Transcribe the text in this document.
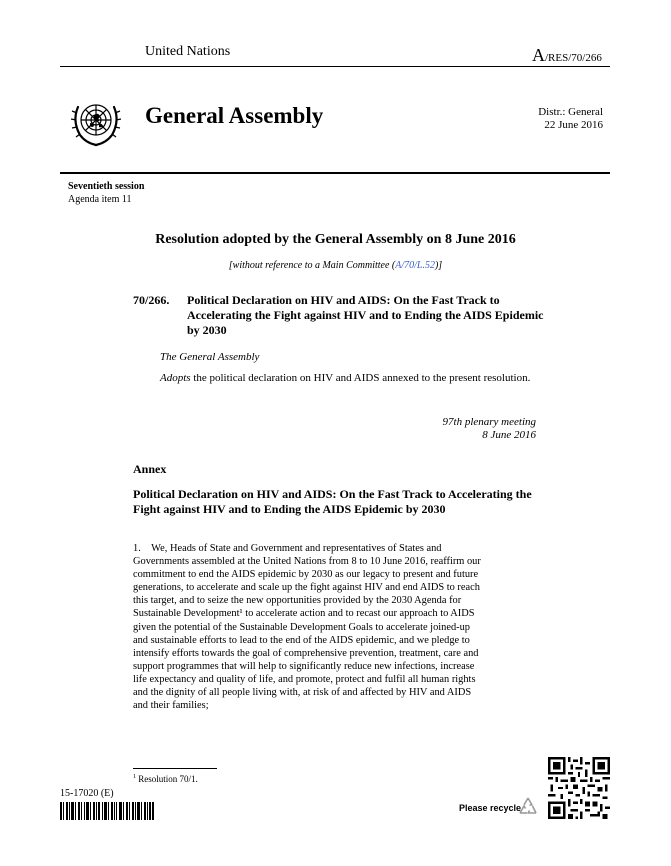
United Nations	A/RES/70/266
General Assembly	Distr.: General
22 June 2016
Seventieth session
Agenda item 11
Resolution adopted by the General Assembly on 8 June 2016
[without reference to a Main Committee (A/70/L.52)]
70/266. Political Declaration on HIV and AIDS: On the Fast Track to Accelerating the Fight against HIV and to Ending the AIDS Epidemic by 2030
The General Assembly
Adopts the political declaration on HIV and AIDS annexed to the present resolution.
97th plenary meeting
8 June 2016
Annex
Political Declaration on HIV and AIDS: On the Fast Track to Accelerating the Fight against HIV and to Ending the AIDS Epidemic by 2030
1.    We, Heads of State and Government and representatives of States and
Governments assembled at the United Nations from 8 to 10 June 2016, reaffirm our
commitment to end the AIDS epidemic by 2030 as our legacy to present and future
generations, to accelerate and scale up the fight against HIV and end AIDS to reach
this target, and to seize the new opportunities provided by the 2030 Agenda for
Sustainable Development¹ to accelerate action and to recast our approach to AIDS
given the potential of the Sustainable Development Goals to accelerate joined-up
and sustainable efforts to lead to the end of the AIDS epidemic, and we pledge to
intensify efforts towards the goal of comprehensive prevention, treatment, care and
support programmes that will help to significantly reduce new infections, increase
life expectancy and quality of life, and promote, protect and fulfil all human rights
and the dignity of all people living with, at risk of and affected by HIV and AIDS
and their families;
$^1$ Resolution 70/1.
15-17020 (E)
Please recycle
